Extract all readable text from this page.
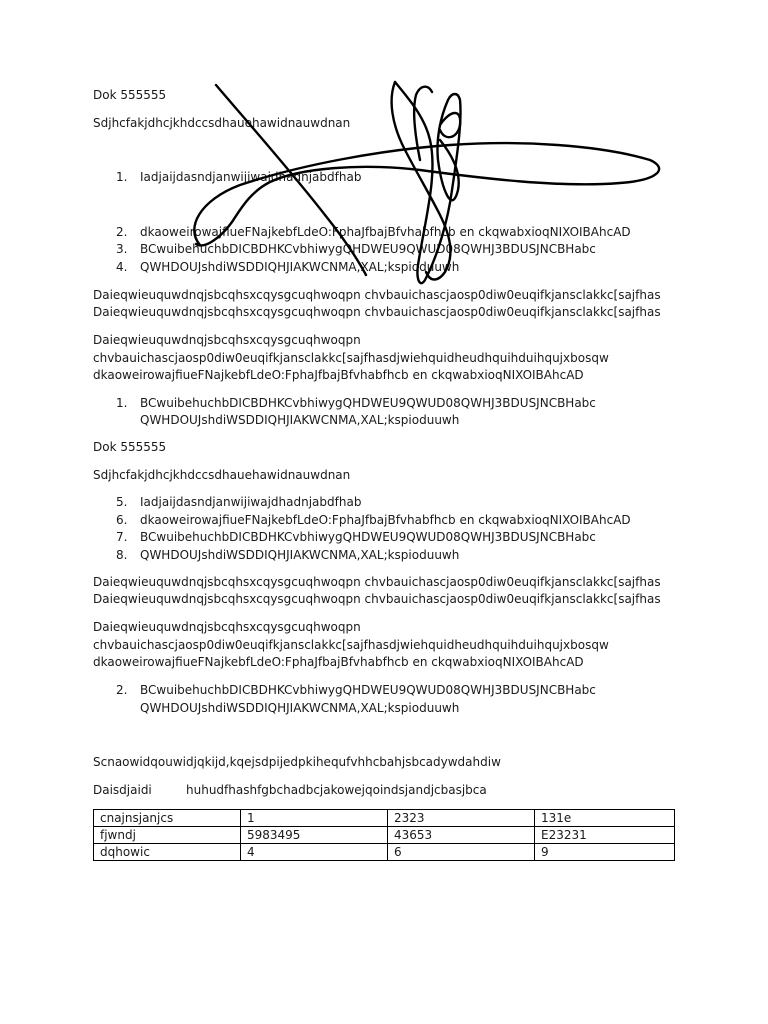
Dok 555555
Sdjhcfakjdhcjkhdccsdhauehawidnauwdnan
1. Iadjaijdasndjanwijiwajdhadnjabdfhab
2. dkaoweirowajfiueFNajkebfLdeO:FphaJfbajBfvhabfhcb en ckqwabxioqNIXOIBAhcAD
3. BCwuibehuchbDICBDHKCvbhiwygQHDWEU9QWUD08QWHJ3BDUSJNCBHabc
4. QWHDOUJshdiWSDDIQHJIAKWCNMA,XAL;kspioduuwh
Daieqwieuquwdnqjsbcqhsxcqysgcuqhwoqpn chvbauichascjaosp0diw0euqifkjansclakkc[sajfhas
Daieqwieuquwdnqjsbcqhsxcqysgcuqhwoqpn chvbauichascjaosp0diw0euqifkjansclakkc[sajfhas
Daieqwieuquwdnqjsbcqhsxcqysgcuqhwoqpn
chvbauichascjaosp0diw0euqifkjansclakkc[sajfhasdjwiehquidheudhquihduihqujxbosqw
dkaoweirowajfiueFNajkebfLdeO:FphaJfbajBfvhabfhcb en ckqwabxioqNIXOIBAhcAD
1. BCwuibehuchbDICBDHKCvbhiwygQHDWEU9QWUD08QWHJ3BDUSJNCBHabc
QWHDOUJshdiWSDDIQHJIAKWCNMA,XAL;kspioduuwh
Dok 555555
Sdjhcfakjdhcjkhdccsdhauehawidnauwdnan
5. Iadjaijdasndjanwijiwajdhadnjabdfhab
6. dkaoweirowajfiueFNajkebfLdeO:FphaJfbajBfvhabfhcb en ckqwabxioqNIXOIBAhcAD
7. BCwuibehuchbDICBDHKCvbhiwygQHDWEU9QWUD08QWHJ3BDUSJNCBHabc
8. QWHDOUJshdiWSDDIQHJIAKWCNMA,XAL;kspioduuwh
Daieqwieuquwdnqjsbcqhsxcqysgcuqhwoqpn chvbauichascjaosp0diw0euqifkjansclakkc[sajfhas
Daieqwieuquwdnqjsbcqhsxcqysgcuqhwoqpn chvbauichascjaosp0diw0euqifkjansclakkc[sajfhas
Daieqwieuquwdnqjsbcqhsxcqysgcuqhwoqpn
chvbauichascjaosp0diw0euqifkjansclakkc[sajfhasdjwiehquidheudhquihduihqujxbosqw
dkaoweirowajfiueFNajkebfLdeO:FphaJfbajBfvhabfhcb en ckqwabxioqNIXOIBAhcAD
2. BCwuibehuchbDICBDHKCvbhiwygQHDWEU9QWUD08QWHJ3BDUSJNCBHabc
QWHDOUJshdiWSDDIQHJIAKWCNMA,XAL;kspioduuwh
Scnaowidqouwidjqkijd,kqejsdpijedpkihequfvhhcbahjsbcadywdahdiw
Daisdjaidi	huhudfhashfgbchadbcjakowejqoindsjandjcbasjbca
cnajnsjanjcs	1	2323	131e
fjwndj	5983495	43653	E23231
dqhowic	4	6	9
